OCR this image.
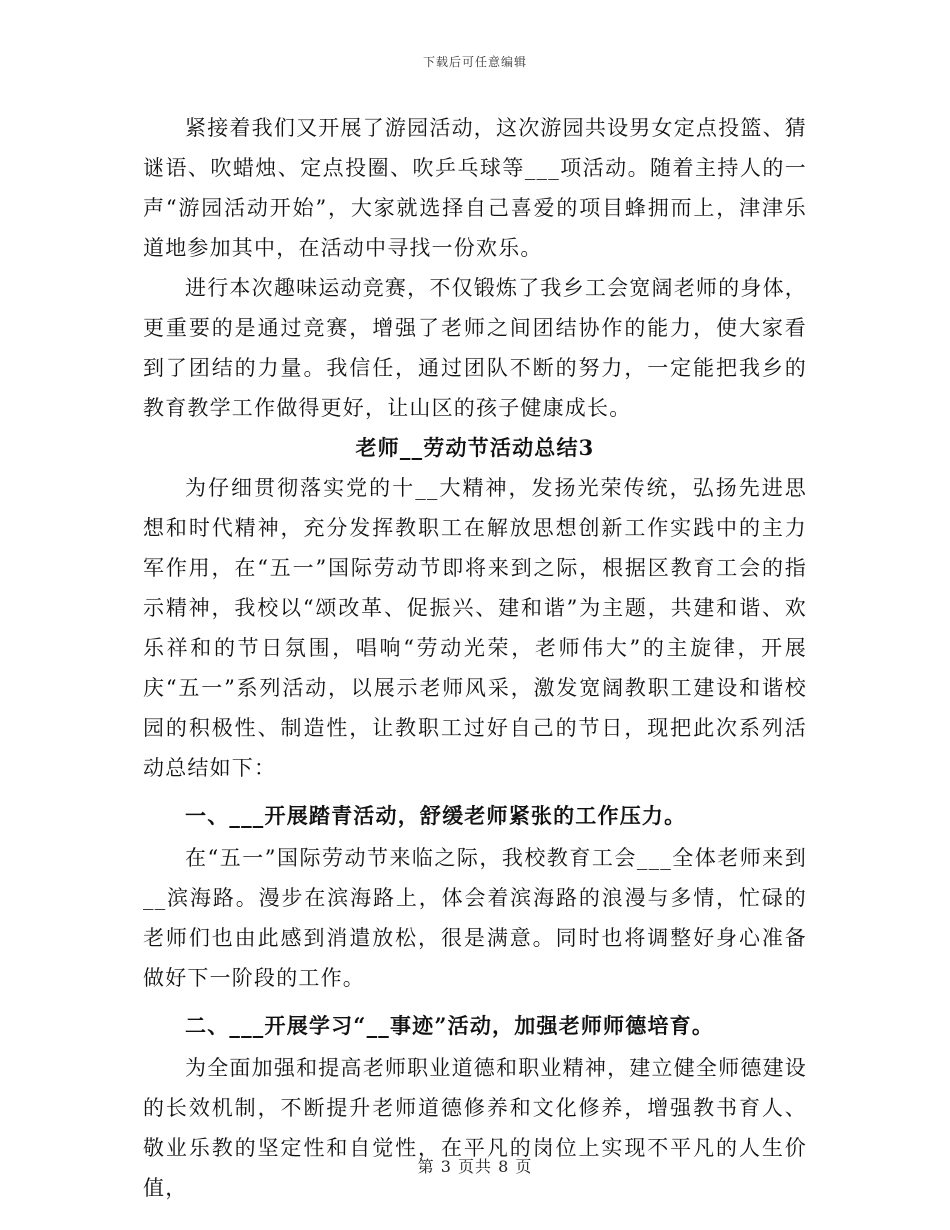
下载后可任意编辑

紧接着我们又开展了游园活动，这次游园共设男女定点投篮、猜谜语、吹蜡烛、定点投圈、吹乒乓球等___项活动。随着主持人的一声“游园活动开始”，大家就选择自己喜爱的项目蜂拥而上，津津乐道地参加其中，在活动中寻找一份欢乐。

进行本次趣味运动竞赛，不仅锻炼了我乡工会宽阔老师的身体，更重要的是通过竞赛，增强了老师之间团结协作的能力，使大家看到了团结的力量。我信任，通过团队不断的努力，一定能把我乡的教育教学工作做得更好，让山区的孩子健康成长。

老师__劳动节活动总结3

为仔细贯彻落实党的十__大精神，发扬光荣传统，弘扬先进思想和时代精神，充分发挥教职工在解放思想创新工作实践中的主力军作用，在“五一”国际劳动节即将来到之际，根据区教育工会的指示精神，我校以“颂改革、促振兴、建和谐”为主题，共建和谐、欢乐祥和的节日氛围，唱响“劳动光荣，老师伟大”的主旋律，开展庆“五一”系列活动，以展示老师风采，激发宽阔教职工建设和谐校园的积极性、制造性，让教职工过好自己的节日，现把此次系列活动总结如下：

一、___开展踏青活动，舒缓老师紧张的工作压力。

在“五一”国际劳动节来临之际，我校教育工会___全体老师来到__滨海路。漫步在滨海路上，体会着滨海路的浪漫与多情，忙碌的老师们也由此感到消遣放松，很是满意。同时也将调整好身心准备做好下一阶段的工作。

二、___开展学习“__事迹”活动，加强老师师德培育。

为全面加强和提高老师职业道德和职业精神，建立健全师德建设的长效机制，不断提升老师道德修养和文化修养，增强教书育人、敬业乐教的坚定性和自觉性，在平凡的岗位上实现不平凡的人生价值，

第 3 页共 8 页
